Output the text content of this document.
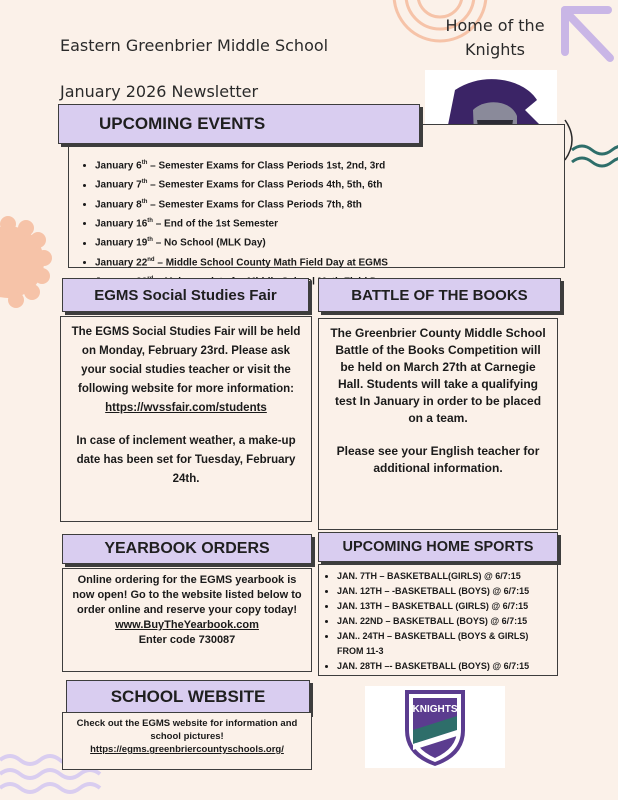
Eastern Greenbrier Middle School
January 2026 Newsletter
Home of the
Knights
• January 6th – Semester Exams for Class Periods 1st, 2nd, 3rd
• January 7th – Semester Exams for Class Periods 4th, 5th, 6th
• January 8th – Semester Exams for Class Periods 7th, 8th
• January 16th – End of the 1st Semester
• January 19th – No School (MLK Day)
• January 22nd – Middle School County Math Field Day at EGMS
•
UPCOMING EVENTS
EGMS Social Studies Fair
The EGMS Social Studies Fair will be held on Monday, February 23rd. Please ask your social studies teacher or visit the following website for more information:
https://wvssfair.com/students
In case of inclement weather, a make-up date has been set for Tuesday, February 24th.
BATTLE OF THE BOOKS
The Greenbrier County Middle School Battle of the Books Competition will be held on March 27th at Carnegie Hall. Students will take a qualifying test In January in order to be placed on a team.
Please see your English teacher for additional information.
YEARBOOK ORDERS
Online ordering for the EGMS yearbook is now open! Go to the website listed below to order online and reserve your copy today!
www.BuyTheYearbook.com
Enter code 730087
UPCOMING HOME SPORTS
• JAN. 7TH – BASKETBALL(GIRLS) @ 6/7:15
• JAN. 12TH – -BASKETBALL (BOYS) @ 6/7:15
• JAN. 13TH – BASKETBALL (GIRLS) @ 6/7:15
• JAN. 22ND – BASKETBALL (BOYS) @ 6/7:15
• JAN.. 24TH – BASKETBALL (BOYS & GIRLS) FROM 11-3
• JAN. 28TH –- BASKETBALL (BOYS) @ 6/7:15
SCHOOL WEBSITE
Check out the EGMS website for information and school pictures!
https://egms.greenbriercountyschools.org/
KNIGHTS
